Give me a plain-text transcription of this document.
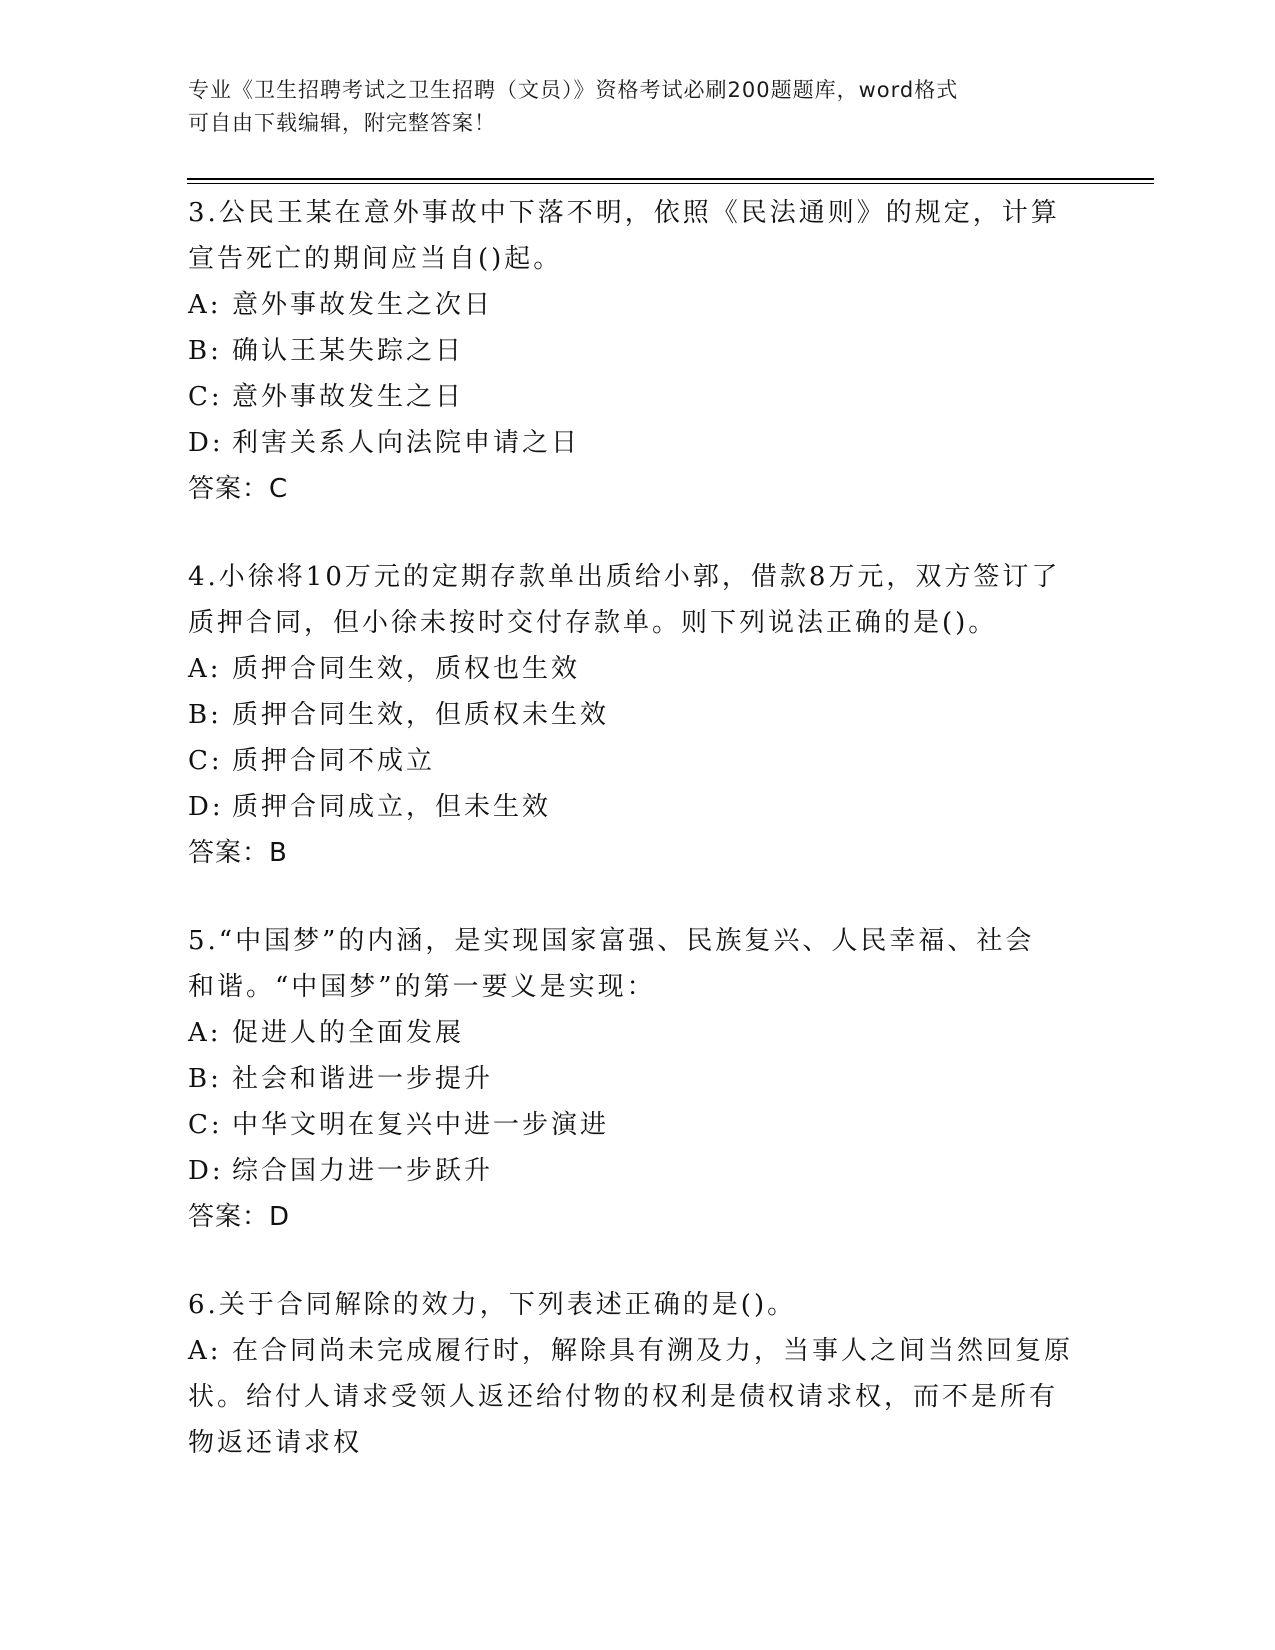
专业《卫生招聘考试之卫生招聘（文员）》资格考试必刷200题题库，word格式
可自由下载编辑，附完整答案！

3.公民王某在意外事故中下落不明，依照《民法通则》的规定，计算

宣告死亡的期间应当自()起。

A: 意外事故发生之次日

B: 确认王某失踪之日

C: 意外事故发生之日

D: 利害关系人向法院申请之日

答案：C

4.小徐将10万元的定期存款单出质给小郭，借款8万元，双方签订了

质押合同，但小徐未按时交付存款单。则下列说法正确的是()。

A: 质押合同生效，质权也生效

B: 质押合同生效，但质权未生效

C: 质押合同不成立

D: 质押合同成立，但未生效

答案：B

5.“中国梦”的内涵，是实现国家富强、民族复兴、人民幸福、社会

和谐。“中国梦”的第一要义是实现：

A: 促进人的全面发展

B: 社会和谐进一步提升

C: 中华文明在复兴中进一步演进

D: 综合国力进一步跃升

答案：D

6.关于合同解除的效力，下列表述正确的是()。

A: 在合同尚未完成履行时，解除具有溯及力，当事人之间当然回复原

状。给付人请求受领人返还给付物的权利是债权请求权，而不是所有

物返还请求权
